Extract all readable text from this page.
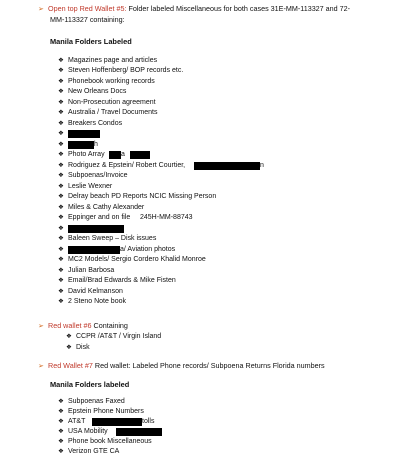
➢ Open top Red Wallet #5: Folder labeled Miscellaneous for both cases 31E-MM-113327 and 72-
MM-113327 containing:
Manila Folders Labeled
❖ Magazines page and articles
❖ Steven Hoffenberg/ BOP records etc.
❖ Phonebook working records
❖ New Orleans Docs
❖ Non-Prosecution agreement
❖ Australia / Travel Documents
❖ Breakers Condos
❖
❖	h
❖ Photo Array a
❖ Rodriguez & Epstein/ Robert Courtier,	n
❖ Subpoenas/Invoice
❖ Leslie Wexner
❖ Delray beach PD Reports NCIC Missing Person
❖ Miles & Cathy Alexander
❖ Eppinger and on file 245H-MM-88743
❖
❖ Baleen Sweep – Disk issues
❖	a/ Aviation photos
❖ MC2 Models/ Sergio Cordero Khalid Monroe
❖ Julian Barbosa
❖ Email/Brad Edwards & Mike Fisten
❖ David Kelmanson
❖ 2 Steno Note book
➢ Red wallet #6 Containing
❖ CCPR /AT&T / Virgin Island
❖ Disk
➢ Red Wallet #7 Red wallet: Labeled Phone records/ Subpoena Returns Florida numbers
Manila Folders labeled
❖ Subpoenas Faxed
❖ Epstein Phone Numbers
❖ AT&T	tolls
❖ USA Mobility
❖ Phone book Miscellaneous
❖ Verizon GTE CA
